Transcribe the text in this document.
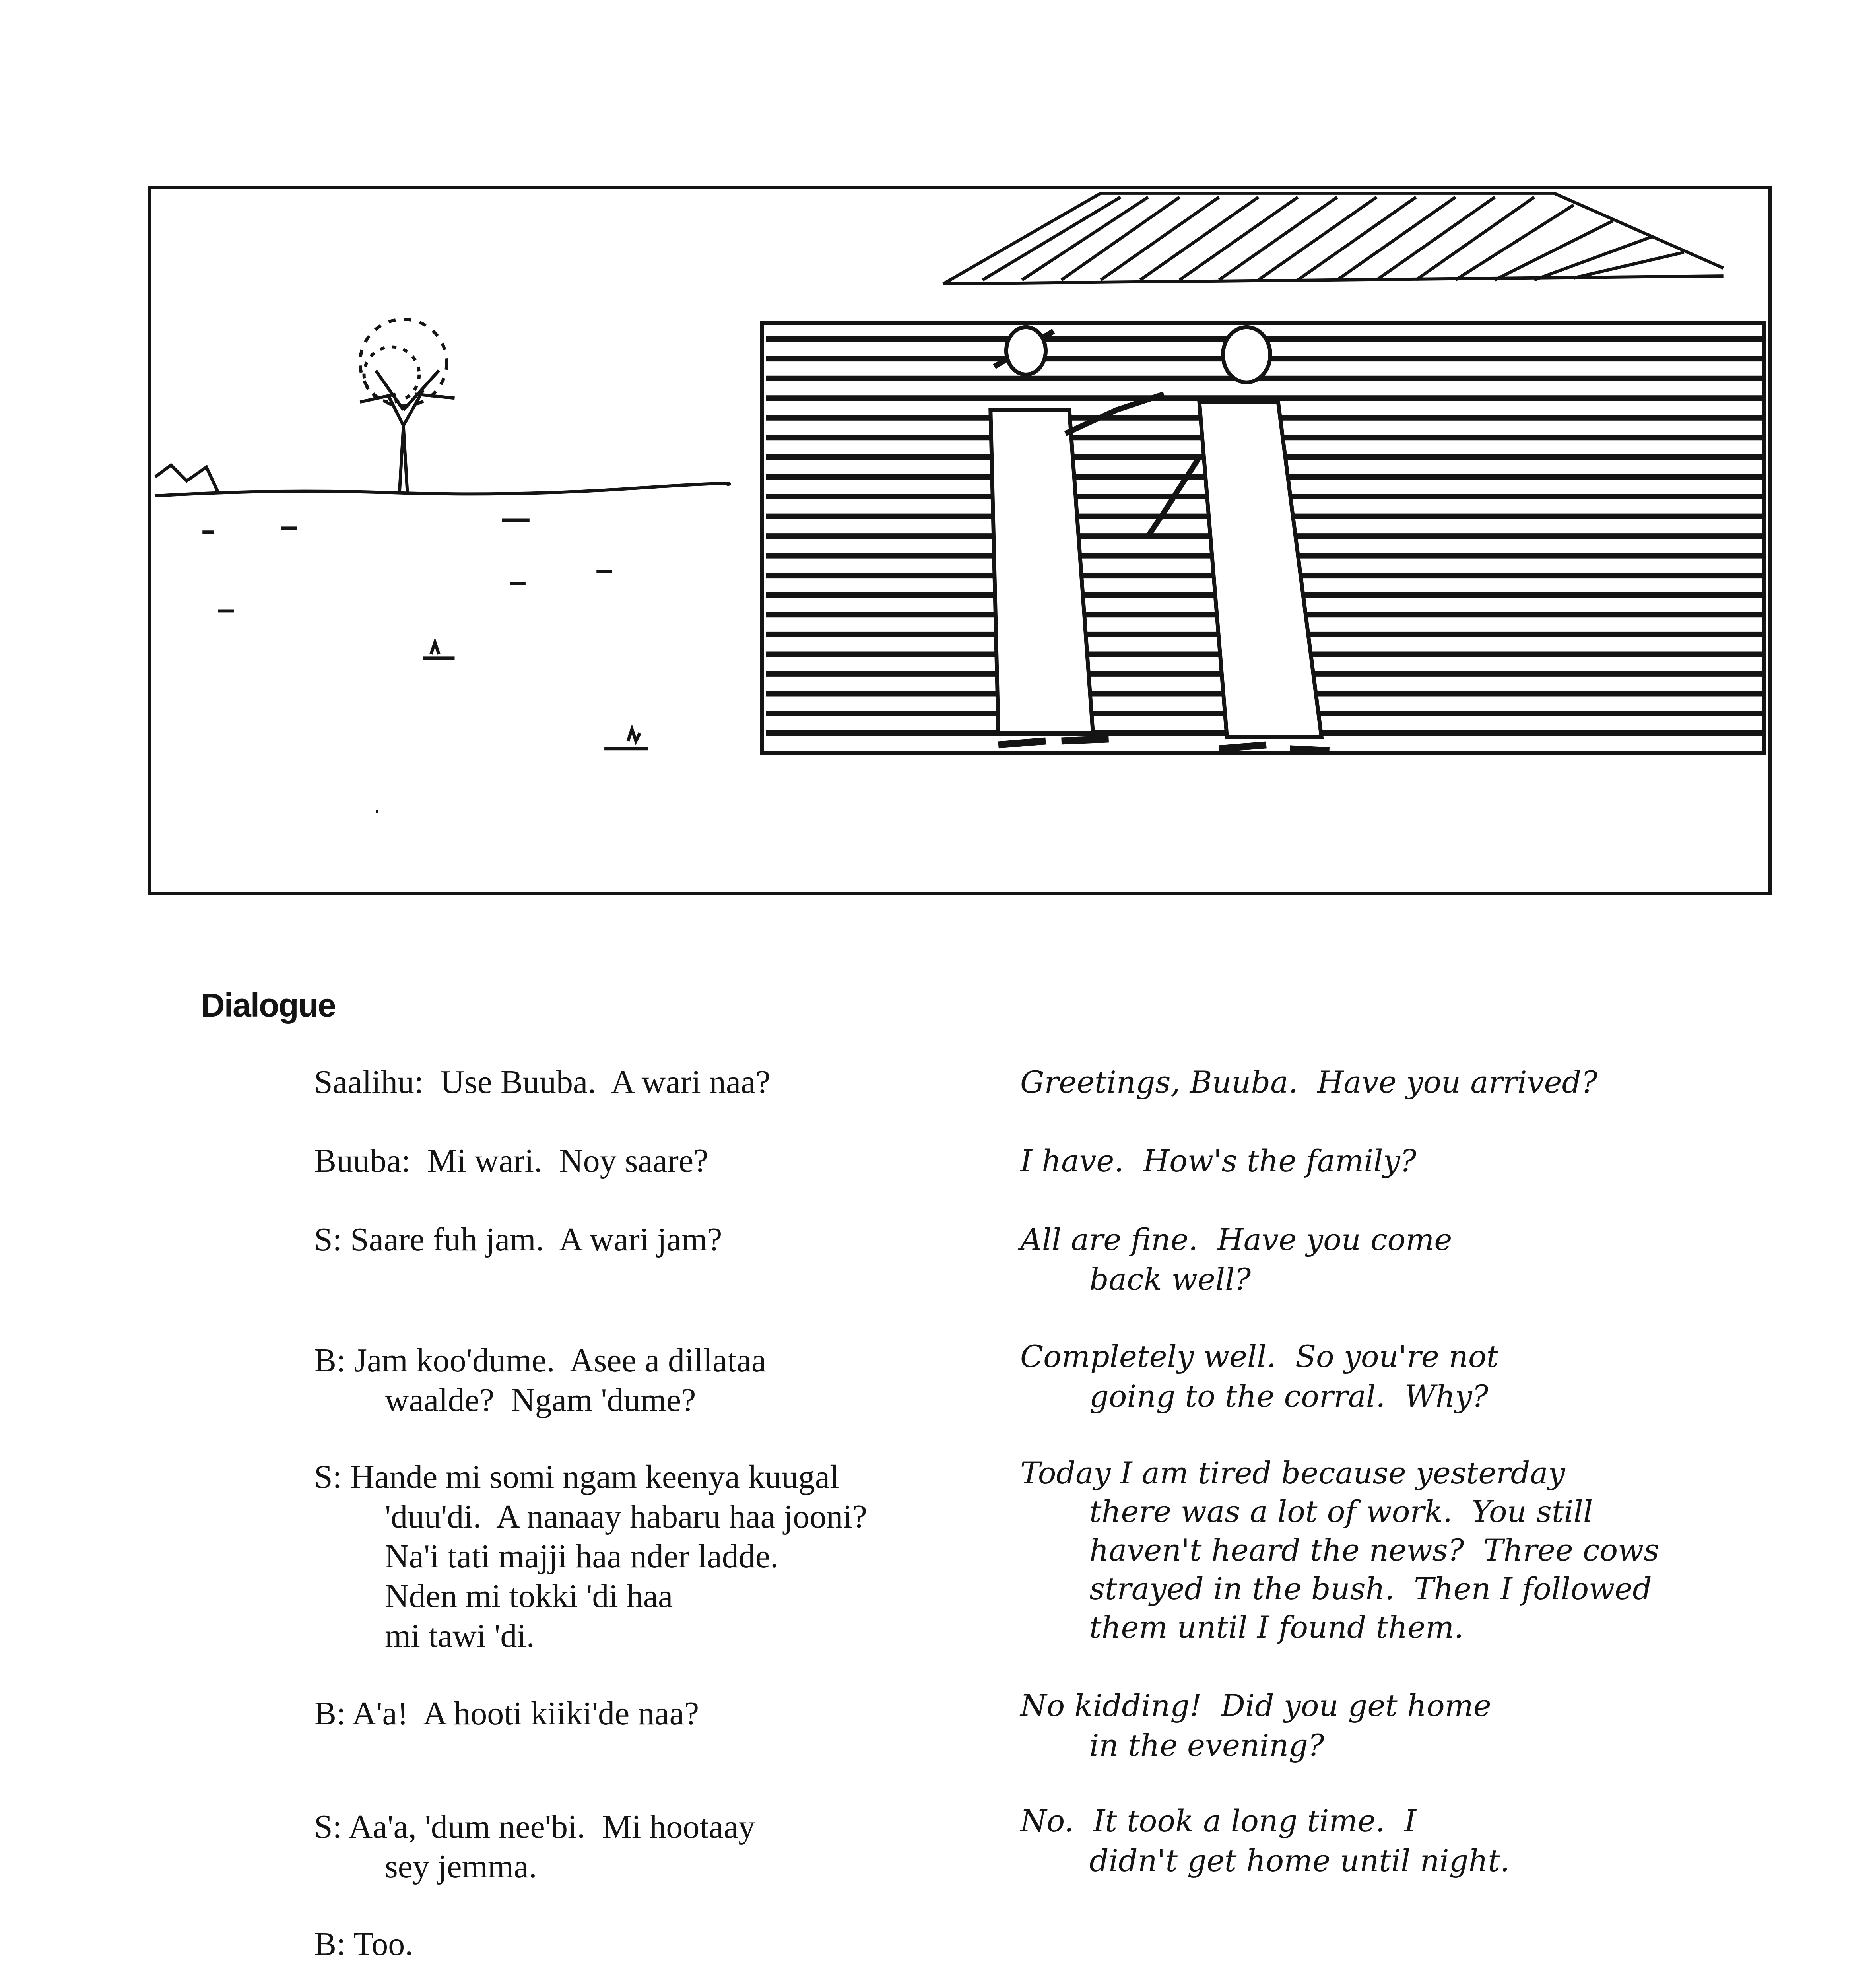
Dialogue
Saalihu: Use Buuba.  A wari naa?
Buuba: Mi wari.  Noy saare?
S: Saare fuh jam.  A wari jam?
B: Jam koo'dume.  Asee a dillataa
waalde?  Ngam 'dume?
S: Hande mi somi ngam keenya kuugal
'duu'di.  A nanaay habaru haa jooni?
Na'i tati majji haa nder ladde.
Nden mi tokki 'di haa
mi tawi 'di.
B: A'a!  A hooti kiiki'de naa?
S: Aa'a, 'dum nee'bi.  Mi hootaay
sey jemma.
B: Too.
Greetings, Buuba.  Have you arrived?
I have.  How's the family?
All are fine.  Have you come
back well?
Completely well.  So you're not
going to the corral.  Why?
Today I am tired because yesterday
there was a lot of work.  You still
haven't heard the news?  Three cows
strayed in the bush.  Then I followed
them until I found them.
No kidding!  Did you get home
in the evening?
No.  It took a long time.  I
didn't get home until night.
